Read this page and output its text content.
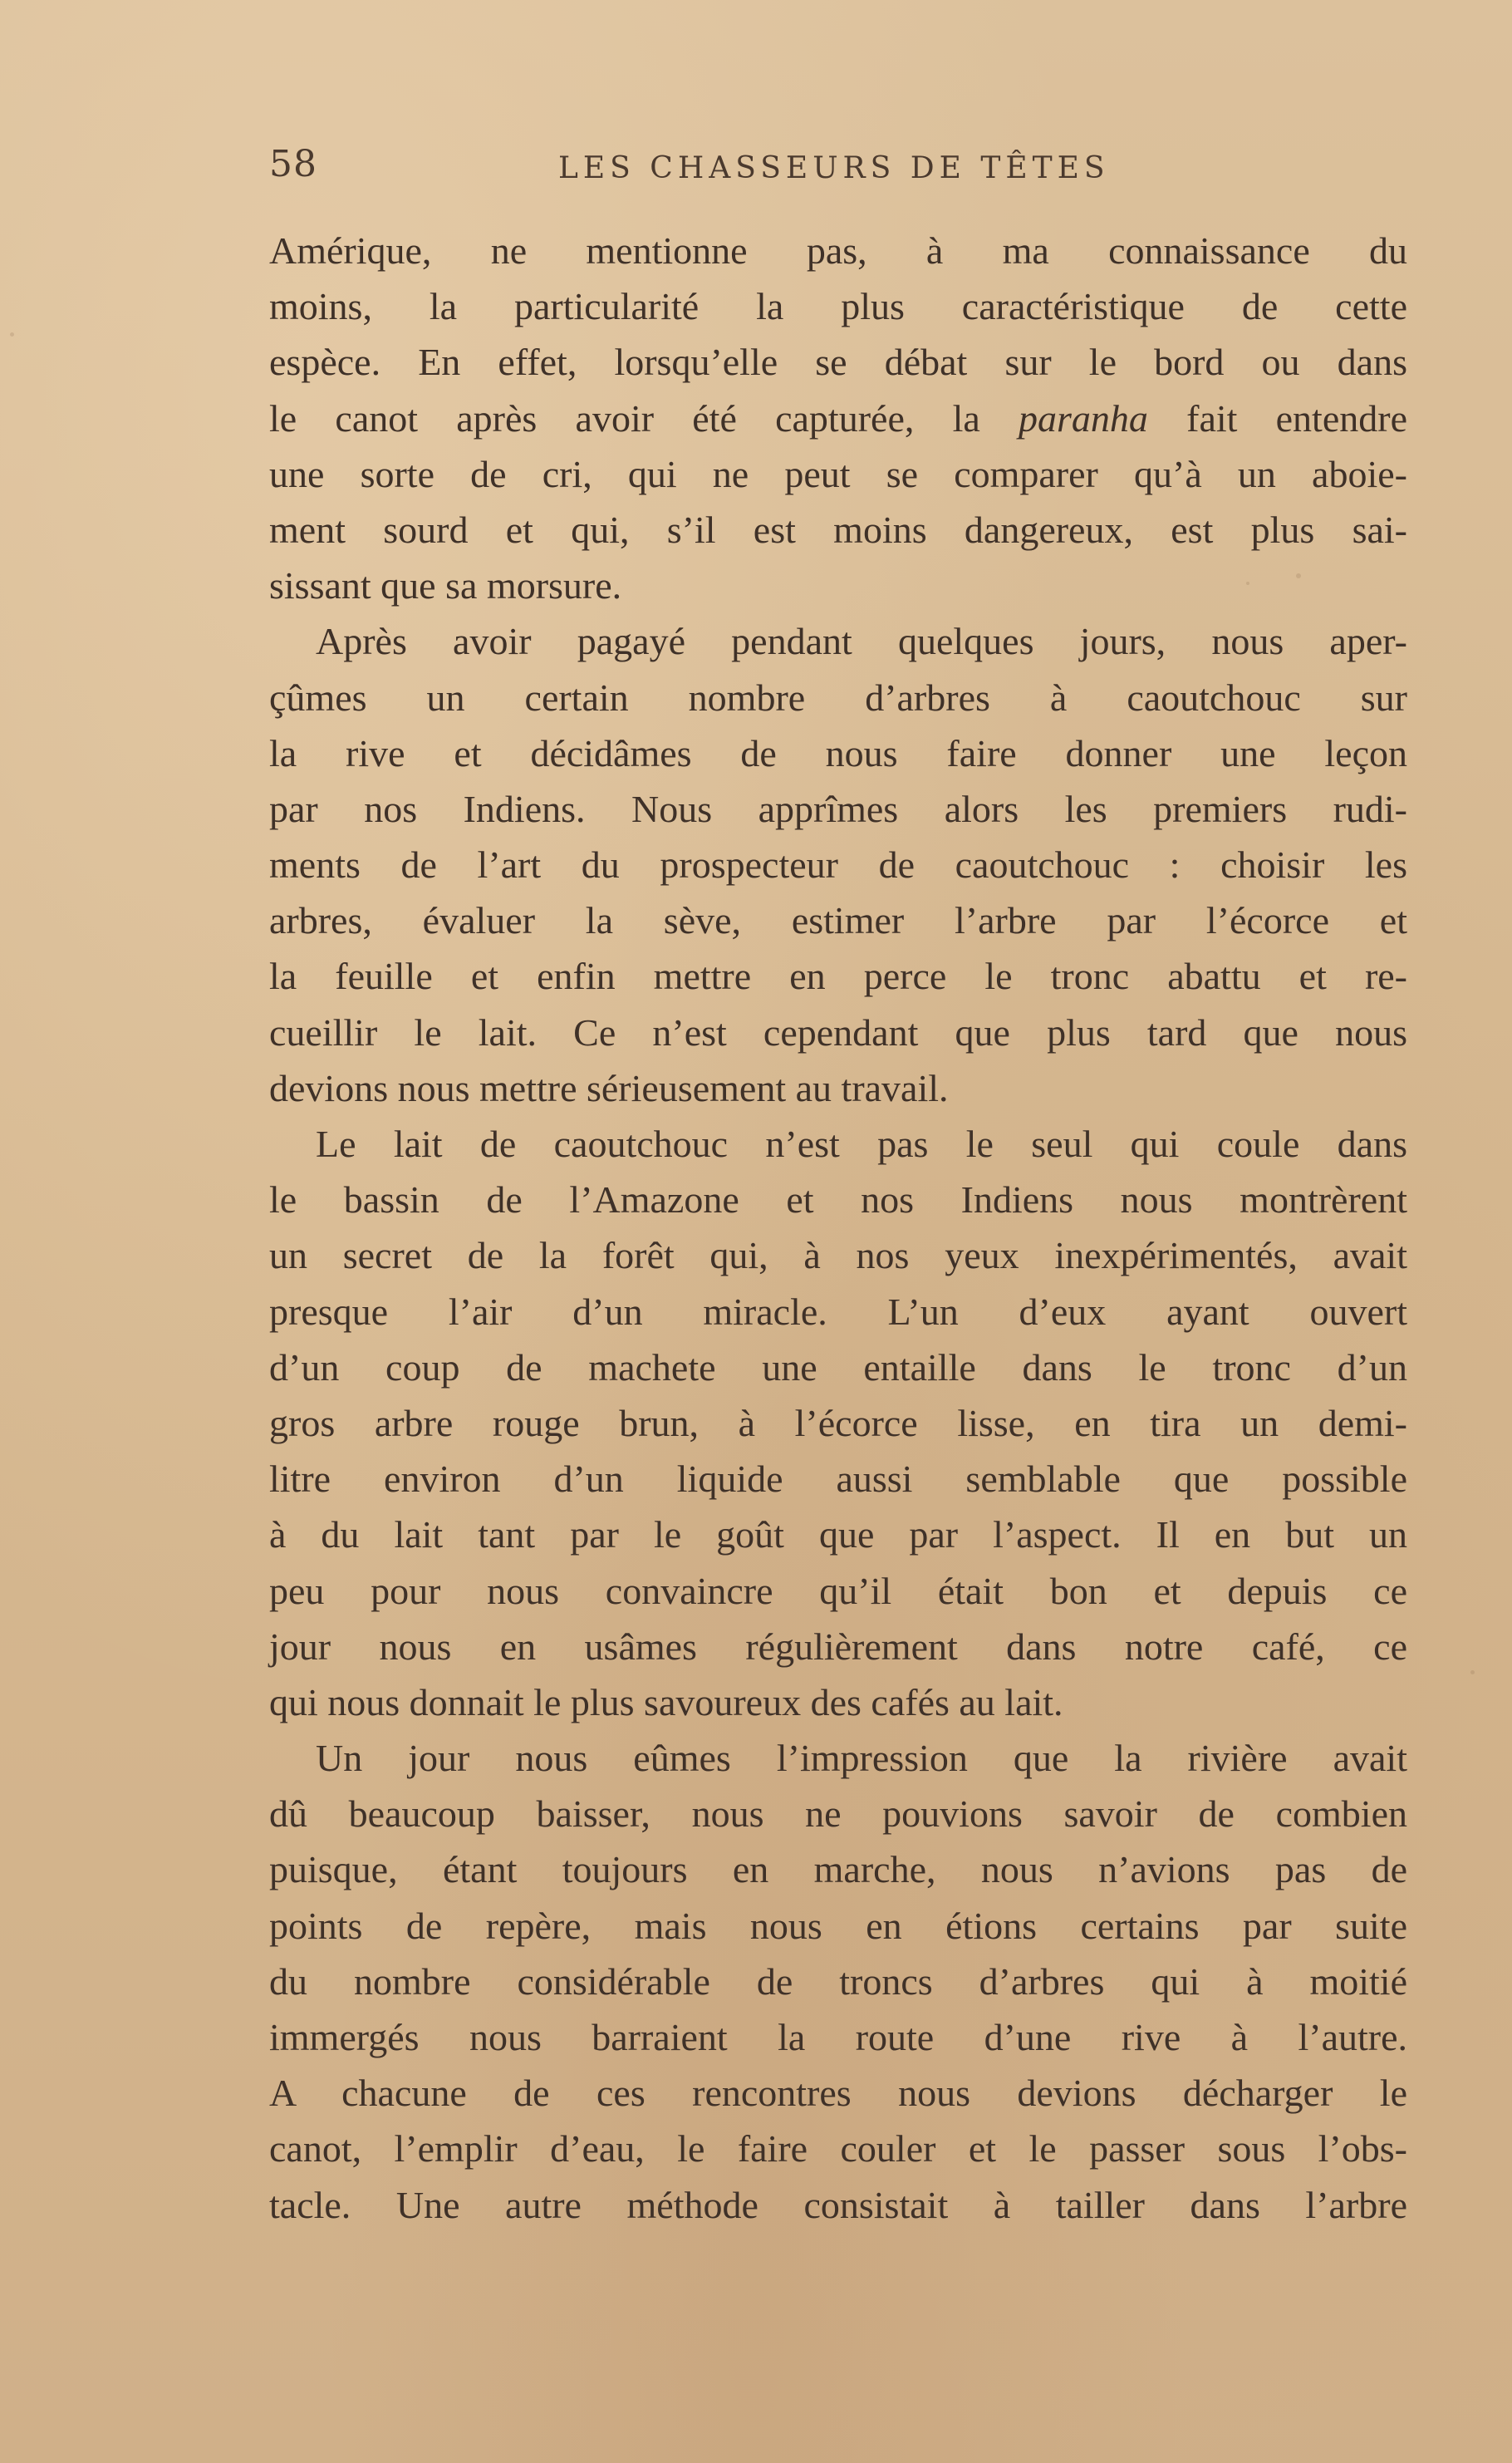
58	LES CHASSEURS DE TÊTES
Amérique, ne mentionne pas, à ma connaissance du
moins, la particularité la plus caractéristique de cette
espèce. En effet, lorsqu’elle se débat sur le bord ou dans
le canot après avoir été capturée, la paranha fait entendre
une sorte de cri, qui ne peut se comparer qu’à un aboie-
ment sourd et qui, s’il est moins dangereux, est plus sai-
sissant que sa morsure.
Après avoir pagayé pendant quelques jours, nous aper-
çûmes un certain nombre d’arbres à caoutchouc sur
la rive et décidâmes de nous faire donner une leçon
par nos Indiens. Nous apprîmes alors les premiers rudi-
ments de l’art du prospecteur de caoutchouc : choisir les
arbres, évaluer la sève, estimer l’arbre par l’écorce et
la feuille et enfin mettre en perce le tronc abattu et re-
cueillir le lait. Ce n’est cependant que plus tard que nous
devions nous mettre sérieusement au travail.
Le lait de caoutchouc n’est pas le seul qui coule dans
le bassin de l’Amazone et nos Indiens nous montrèrent
un secret de la forêt qui, à nos yeux inexpérimentés, avait
presque l’air d’un miracle. L’un d’eux ayant ouvert
d’un coup de machete une entaille dans le tronc d’un
gros arbre rouge brun, à l’écorce lisse, en tira un demi-
litre environ d’un liquide aussi semblable que possible
à du lait tant par le goût que par l’aspect. Il en but un
peu pour nous convaincre qu’il était bon et depuis ce
jour nous en usâmes régulièrement dans notre café, ce
qui nous donnait le plus savoureux des cafés au lait.
Un jour nous eûmes l’impression que la rivière avait
dû beaucoup baisser, nous ne pouvions savoir de combien
puisque, étant toujours en marche, nous n’avions pas de
points de repère, mais nous en étions certains par suite
du nombre considérable de troncs d’arbres qui à moitié
immergés nous barraient la route d’une rive à l’autre.
A chacune de ces rencontres nous devions décharger le
canot, l’emplir d’eau, le faire couler et le passer sous l’obs-
tacle. Une autre méthode consistait à tailler dans l’arbre
